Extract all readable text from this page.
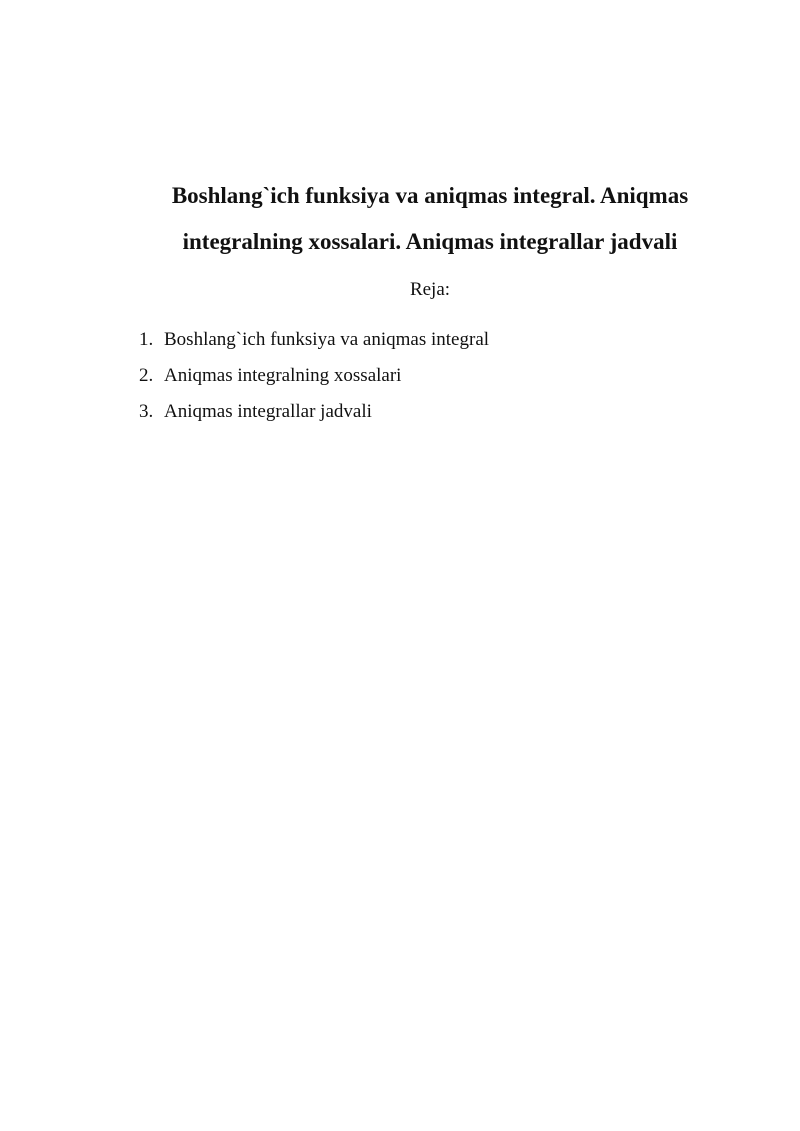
Boshlang`ich funksiya va aniqmas integral. Aniqmas
integralning xossalari. Aniqmas integrallar jadvali

Reja:

1. Boshlang`ich funksiya va aniqmas integral
2. Aniqmas integralning xossalari
3. Aniqmas integrallar jadvali
